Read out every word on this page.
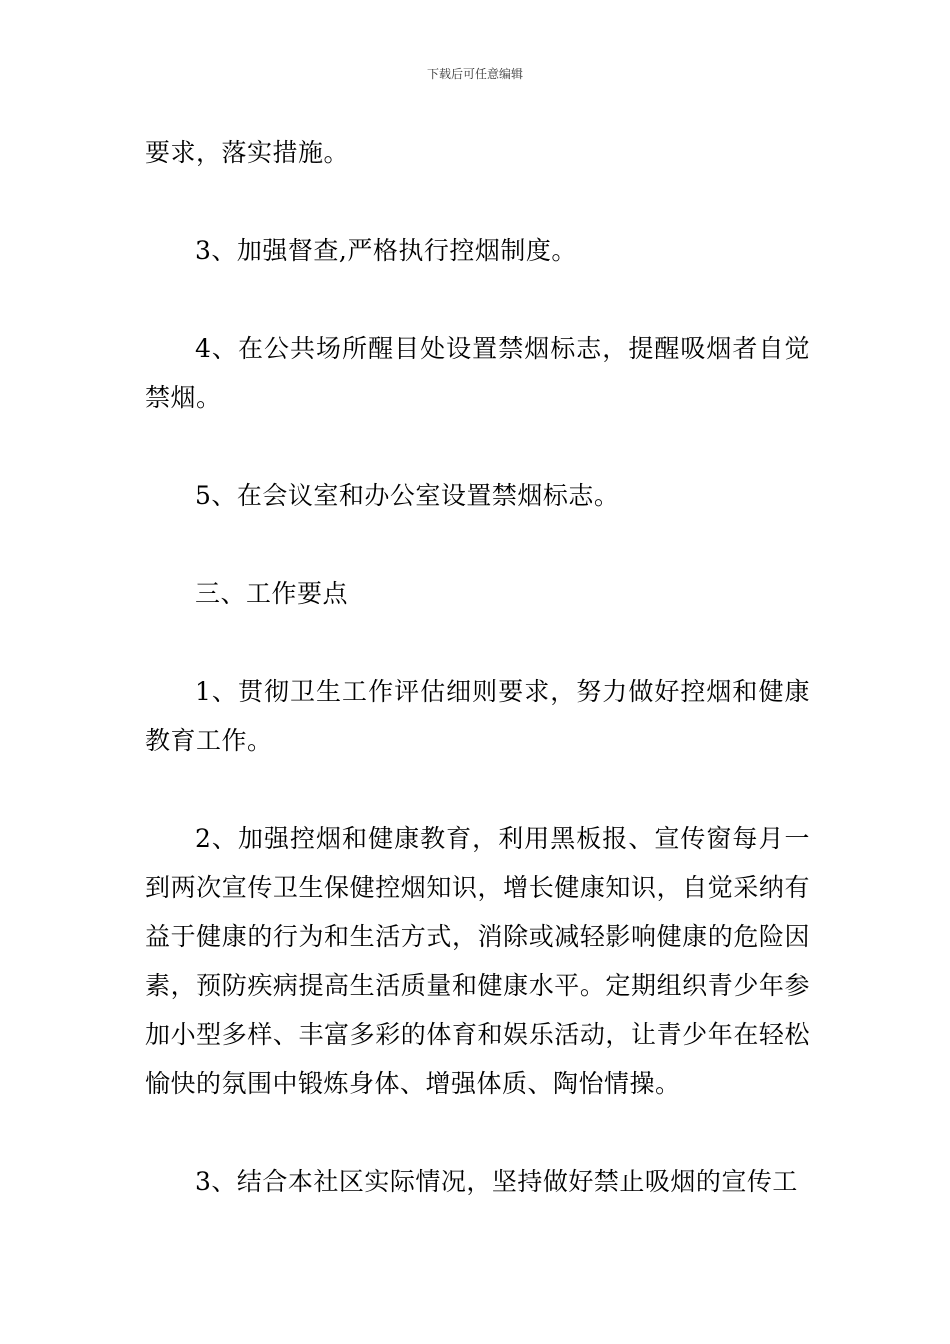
下载后可任意编辑

要求，落实措施。

3、加强督查,严格执行控烟制度。

4、在公共场所醒目处设置禁烟标志，提醒吸烟者自觉禁烟。

5、在会议室和办公室设置禁烟标志。

三、工作要点

1、贯彻卫生工作评估细则要求，努力做好控烟和健康教育工作。

2、加强控烟和健康教育，利用黑板报、宣传窗每月一到两次宣传卫生保健控烟知识，增长健康知识，自觉采纳有益于健康的行为和生活方式，消除或减轻影响健康的危险因素，预防疾病提高生活质量和健康水平。定期组织青少年参加小型多样、丰富多彩的体育和娱乐活动，让青少年在轻松愉快的氛围中锻炼身体、增强体质、陶怡情操。

3、结合本社区实际情况，坚持做好禁止吸烟的宣传工
